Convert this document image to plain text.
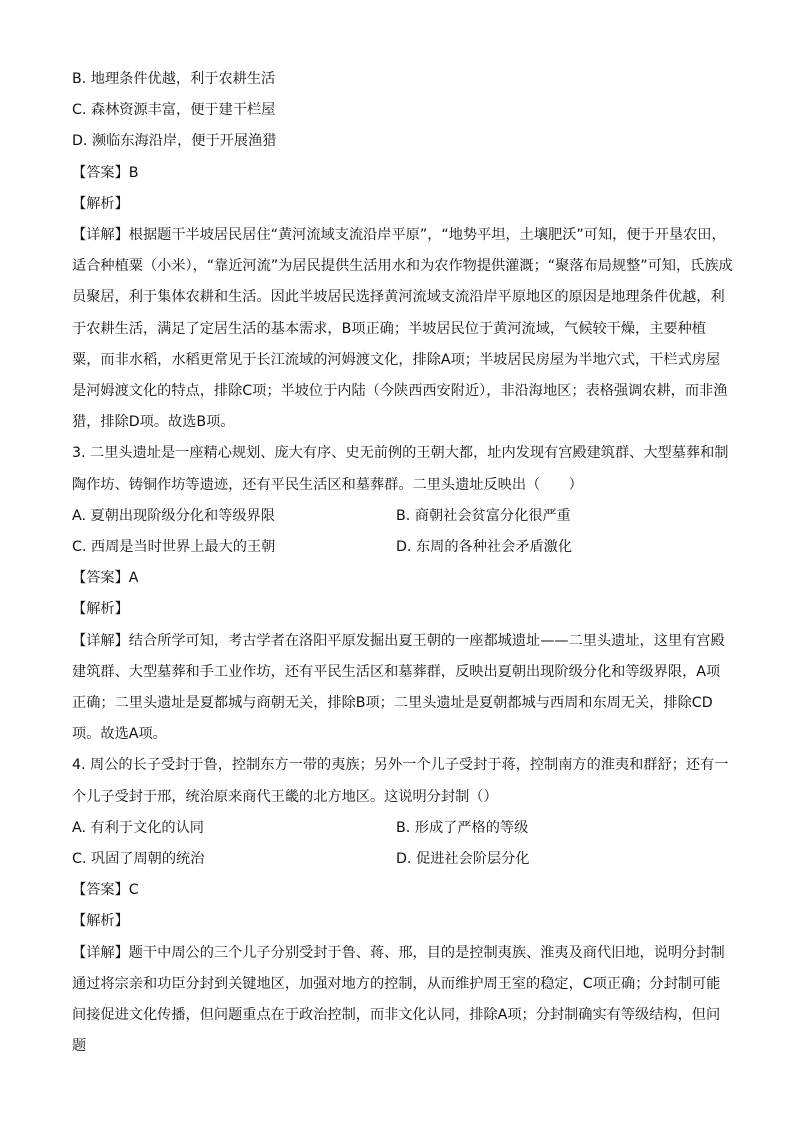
B. 地理条件优越，利于农耕生活
C. 森林资源丰富，便于建干栏屋
D. 濒临东海沿岸，便于开展渔猎
【答案】B
【解析】
【详解】根据题干半坡居民居住“黄河流域支流沿岸平原”，“地势平坦，土壤肥沃”可知，便于开垦农田，适合种植粟（小米），“靠近河流”为居民提供生活用水和为农作物提供灌溉；“聚落布局规整”可知，氏族成员聚居，利于集体农耕和生活。因此半坡居民选择黄河流域支流沿岸平原地区的原因是地理条件优越，利于农耕生活，满足了定居生活的基本需求，B项正确；半坡居民位于黄河流域，气候较干燥，主要种植粟，而非水稻，水稻更常见于长江流域的河姆渡文化，排除A项；半坡居民房屋为半地穴式，干栏式房屋是河姆渡文化的特点，排除C项；半坡位于内陆（今陕西西安附近），非沿海地区；表格强调农耕，而非渔猎，排除D项。故选B项。
3. 二里头遗址是一座精心规划、庞大有序、史无前例的王朝大都，址内发现有宫殿建筑群、大型墓葬和制陶作坊、铸铜作坊等遗迹，还有平民生活区和墓葬群。二里头遗址反映出（　　）
A. 夏朝出现阶级分化和等级界限	B. 商朝社会贫富分化很严重
C. 西周是当时世界上最大的王朝	D. 东周的各种社会矛盾激化
【答案】A
【解析】
【详解】结合所学可知，考古学者在洛阳平原发掘出夏王朝的一座都城遗址——二里头遗址，这里有宫殿建筑群、大型墓葬和手工业作坊，还有平民生活区和墓葬群，反映出夏朝出现阶级分化和等级界限，A项正确；二里头遗址是夏都城与商朝无关，排除B项；二里头遗址是夏朝都城与西周和东周无关，排除CD项。故选A项。
4. 周公的长子受封于鲁，控制东方一带的夷族；另外一个儿子受封于蒋，控制南方的淮夷和群舒；还有一个儿子受封于邢，统治原来商代王畿的北方地区。这说明分封制（）
A. 有利于文化的认同	B. 形成了严格的等级
C. 巩固了周朝的统治	D. 促进社会阶层分化
【答案】C
【解析】
【详解】题干中周公的三个儿子分别受封于鲁、蒋、邢，目的是控制夷族、淮夷及商代旧地，说明分封制通过将宗亲和功臣分封到关键地区，加强对地方的控制，从而维护周王室的稳定，C项正确；分封制可能间接促进文化传播，但问题重点在于政治控制，而非文化认同，排除A项；分封制确实有等级结构，但问题
